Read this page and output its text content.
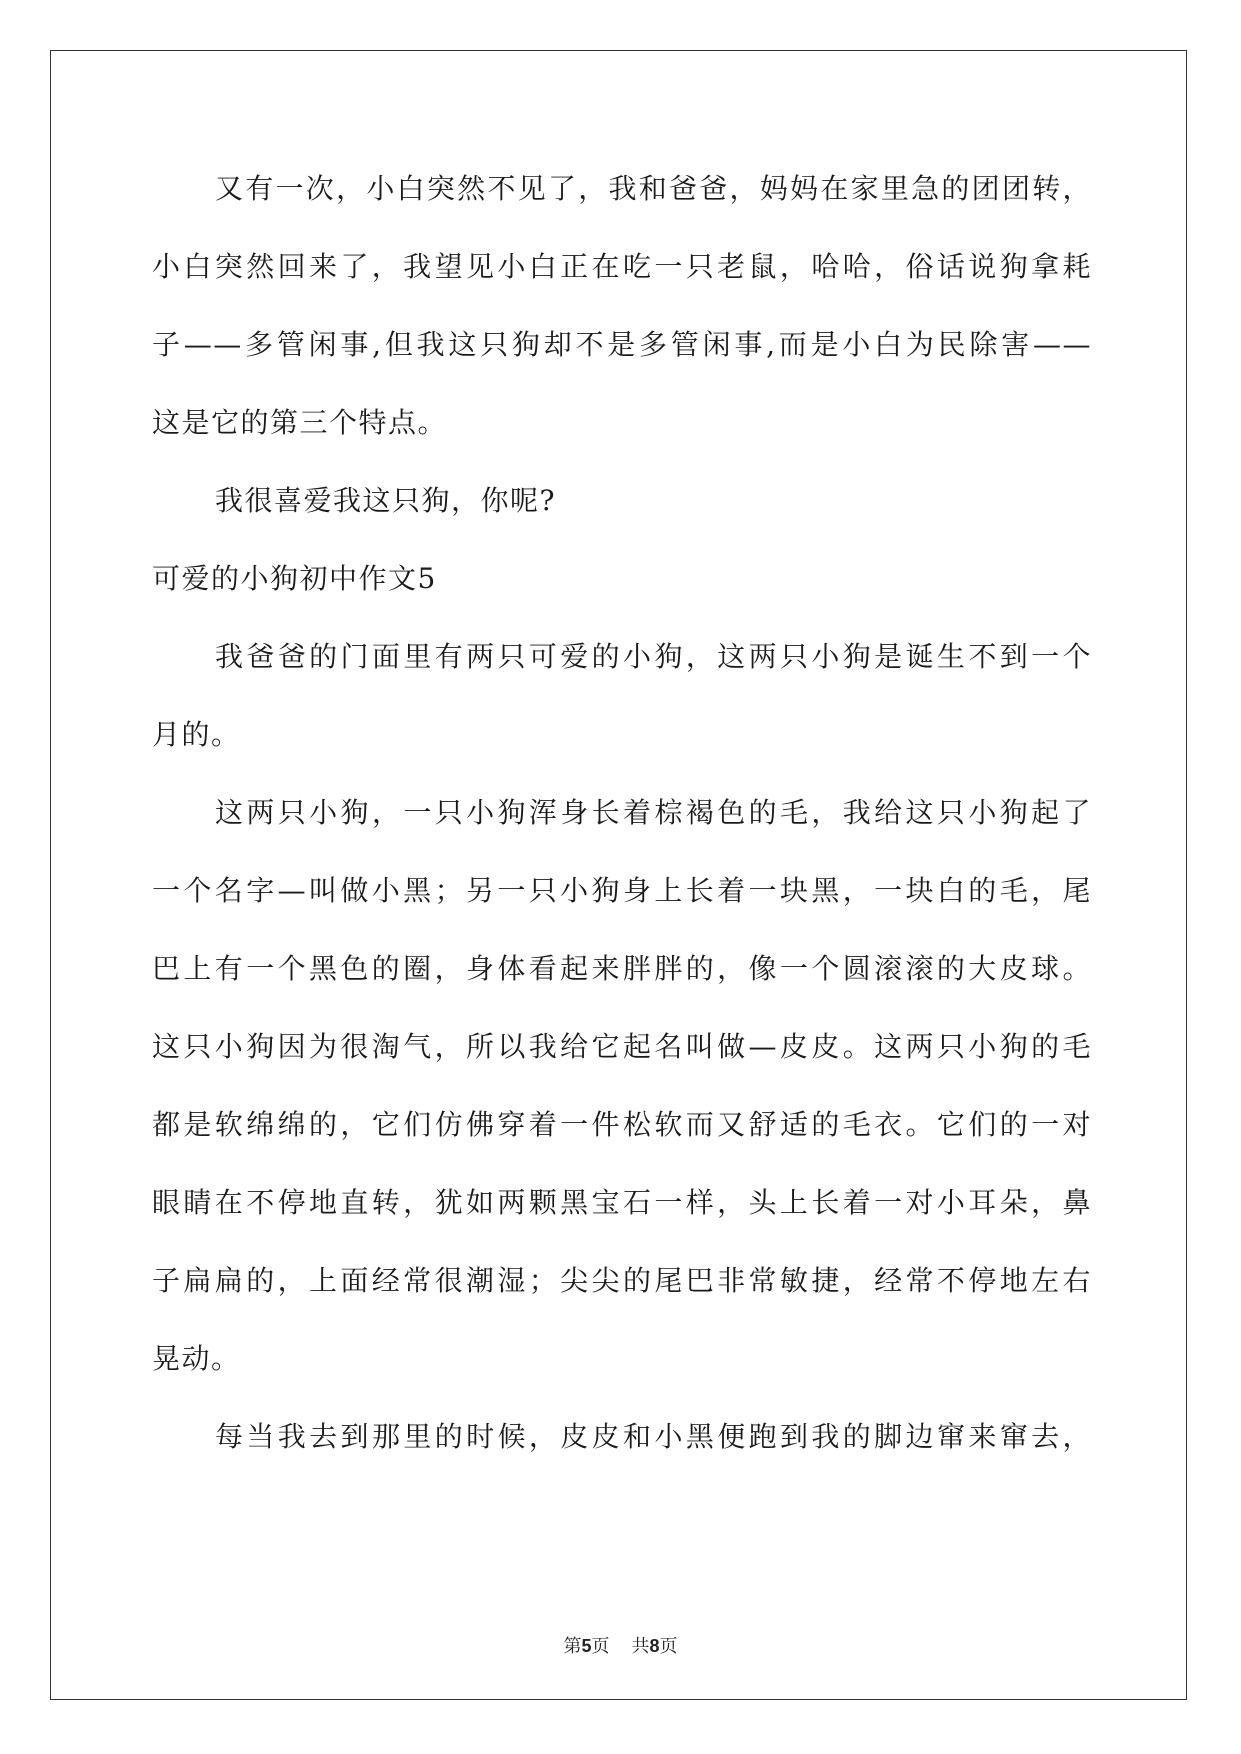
又有一次，小白突然不见了，我和爸爸，妈妈在家里急的团团转，
小白突然回来了，我望见小白正在吃一只老鼠，哈哈，俗话说狗拿耗
子——多管闲事,但我这只狗却不是多管闲事,而是小白为民除害——
这是它的第三个特点。
我很喜爱我这只狗，你呢?
可爱的小狗初中作文5
我爸爸的门面里有两只可爱的小狗，这两只小狗是诞生不到一个
月的。
这两只小狗，一只小狗浑身长着棕褐色的毛，我给这只小狗起了
一个名字—叫做小黑；另一只小狗身上长着一块黑，一块白的毛，尾
巴上有一个黑色的圈，身体看起来胖胖的，像一个圆滚滚的大皮球。
这只小狗因为很淘气，所以我给它起名叫做—皮皮。这两只小狗的毛
都是软绵绵的，它们仿佛穿着一件松软而又舒适的毛衣。它们的一对
眼睛在不停地直转，犹如两颗黑宝石一样，头上长着一对小耳朵，鼻
子扁扁的，上面经常很潮湿；尖尖的尾巴非常敏捷，经常不停地左右
晃动。
每当我去到那里的时候，皮皮和小黑便跑到我的脚边窜来窜去，
第5页 共8页
